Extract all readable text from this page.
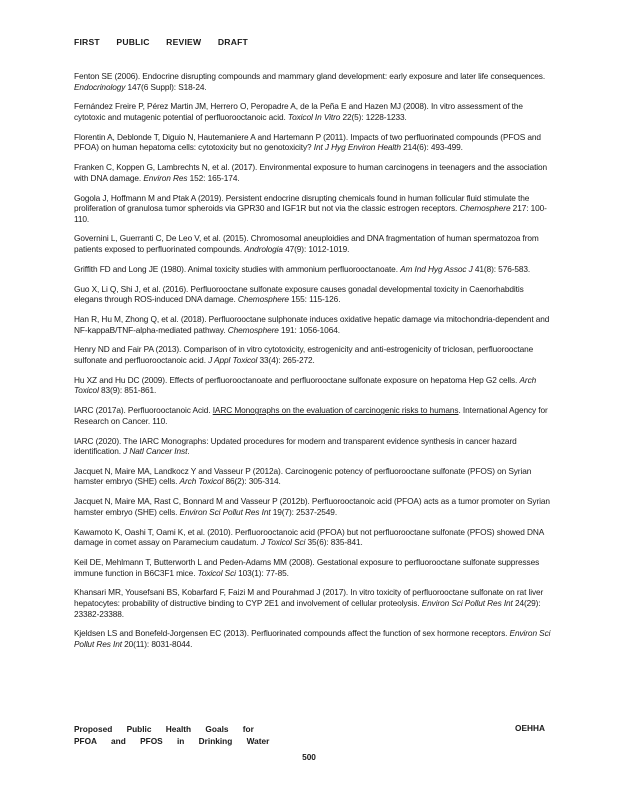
FIRST PUBLIC REVIEW DRAFT

Fenton SE (2006). Endocrine disrupting compounds and mammary gland development: early exposure and later life consequences. Endocrinology 147(6 Suppl): S18-24.

Fernández Freire P, Pérez Martin JM, Herrero O, Peropadre A, de la Peña E and Hazen MJ (2008). In vitro assessment of the cytotoxic and mutagenic potential of perfluorooctanoic acid. Toxicol In Vitro 22(5): 1228-1233.

Florentin A, Deblonde T, Diguio N, Hautemaniere A and Hartemann P (2011). Impacts of two perfluorinated compounds (PFOS and PFOA) on human hepatoma cells: cytotoxicity but no genotoxicity? Int J Hyg Environ Health 214(6): 493-499.

Franken C, Koppen G, Lambrechts N, et al. (2017). Environmental exposure to human carcinogens in teenagers and the association with DNA damage. Environ Res 152: 165-174.

Gogola J, Hoffmann M and Ptak A (2019). Persistent endocrine disrupting chemicals found in human follicular fluid stimulate the proliferation of granulosa tumor spheroids via GPR30 and IGF1R but not via the classic estrogen receptors. Chemosphere 217: 100-110.

Governini L, Guerranti C, De Leo V, et al. (2015). Chromosomal aneuploidies and DNA fragmentation of human spermatozoa from patients exposed to perfluorinated compounds. Andrologia 47(9): 1012-1019.

Griffith FD and Long JE (1980). Animal toxicity studies with ammonium perfluorooctanoate. Am Ind Hyg Assoc J 41(8): 576-583.

Guo X, Li Q, Shi J, et al. (2016). Perfluorooctane sulfonate exposure causes gonadal developmental toxicity in Caenorhabditis elegans through ROS-induced DNA damage. Chemosphere 155: 115-126.

Han R, Hu M, Zhong Q, et al. (2018). Perfluorooctane sulphonate induces oxidative hepatic damage via mitochondria-dependent and NF-kappaB/TNF-alpha-mediated pathway. Chemosphere 191: 1056-1064.

Henry ND and Fair PA (2013). Comparison of in vitro cytotoxicity, estrogenicity and anti-estrogenicity of triclosan, perfluorooctane sulfonate and perfluorooctanoic acid. J Appl Toxicol 33(4): 265-272.

Hu XZ and Hu DC (2009). Effects of perfluorooctanoate and perfluorooctane sulfonate exposure on hepatoma Hep G2 cells. Arch Toxicol 83(9): 851-861.

IARC (2017a). Perfluorooctanoic Acid. IARC Monographs on the evaluation of carcinogenic risks to humans. International Agency for Research on Cancer. 110.

IARC (2020). The IARC Monographs: Updated procedures for modern and transparent evidence synthesis in cancer hazard identification. J Natl Cancer Inst.

Jacquet N, Maire MA, Landkocz Y and Vasseur P (2012a). Carcinogenic potency of perfluorooctane sulfonate (PFOS) on Syrian hamster embryo (SHE) cells. Arch Toxicol 86(2): 305-314.

Jacquet N, Maire MA, Rast C, Bonnard M and Vasseur P (2012b). Perfluorooctanoic acid (PFOA) acts as a tumor promoter on Syrian hamster embryo (SHE) cells. Environ Sci Pollut Res Int 19(7): 2537-2549.

Kawamoto K, Oashi T, Oami K, et al. (2010). Perfluorooctanoic acid (PFOA) but not perfluorooctane sulfonate (PFOS) showed DNA damage in comet assay on Paramecium caudatum. J Toxicol Sci 35(6): 835-841.

Keil DE, Mehlmann T, Butterworth L and Peden-Adams MM (2008). Gestational exposure to perfluorooctane sulfonate suppresses immune function in B6C3F1 mice. Toxicol Sci 103(1): 77-85.

Khansari MR, Yousefsani BS, Kobarfard F, Faizi M and Pourahmad J (2017). In vitro toxicity of perfluorooctane sulfonate on rat liver hepatocytes: probability of distructive binding to CYP 2E1 and involvement of cellular proteolysis. Environ Sci Pollut Res Int 24(29): 23382-23388.

Kjeldsen LS and Bonefeld-Jorgensen EC (2013). Perfluorinated compounds affect the function of sex hormone receptors. Environ Sci Pollut Res Int 20(11): 8031-8044.

Proposed Public Health Goals for
PFOA and PFOS in Drinking Water
OEHHA
500
